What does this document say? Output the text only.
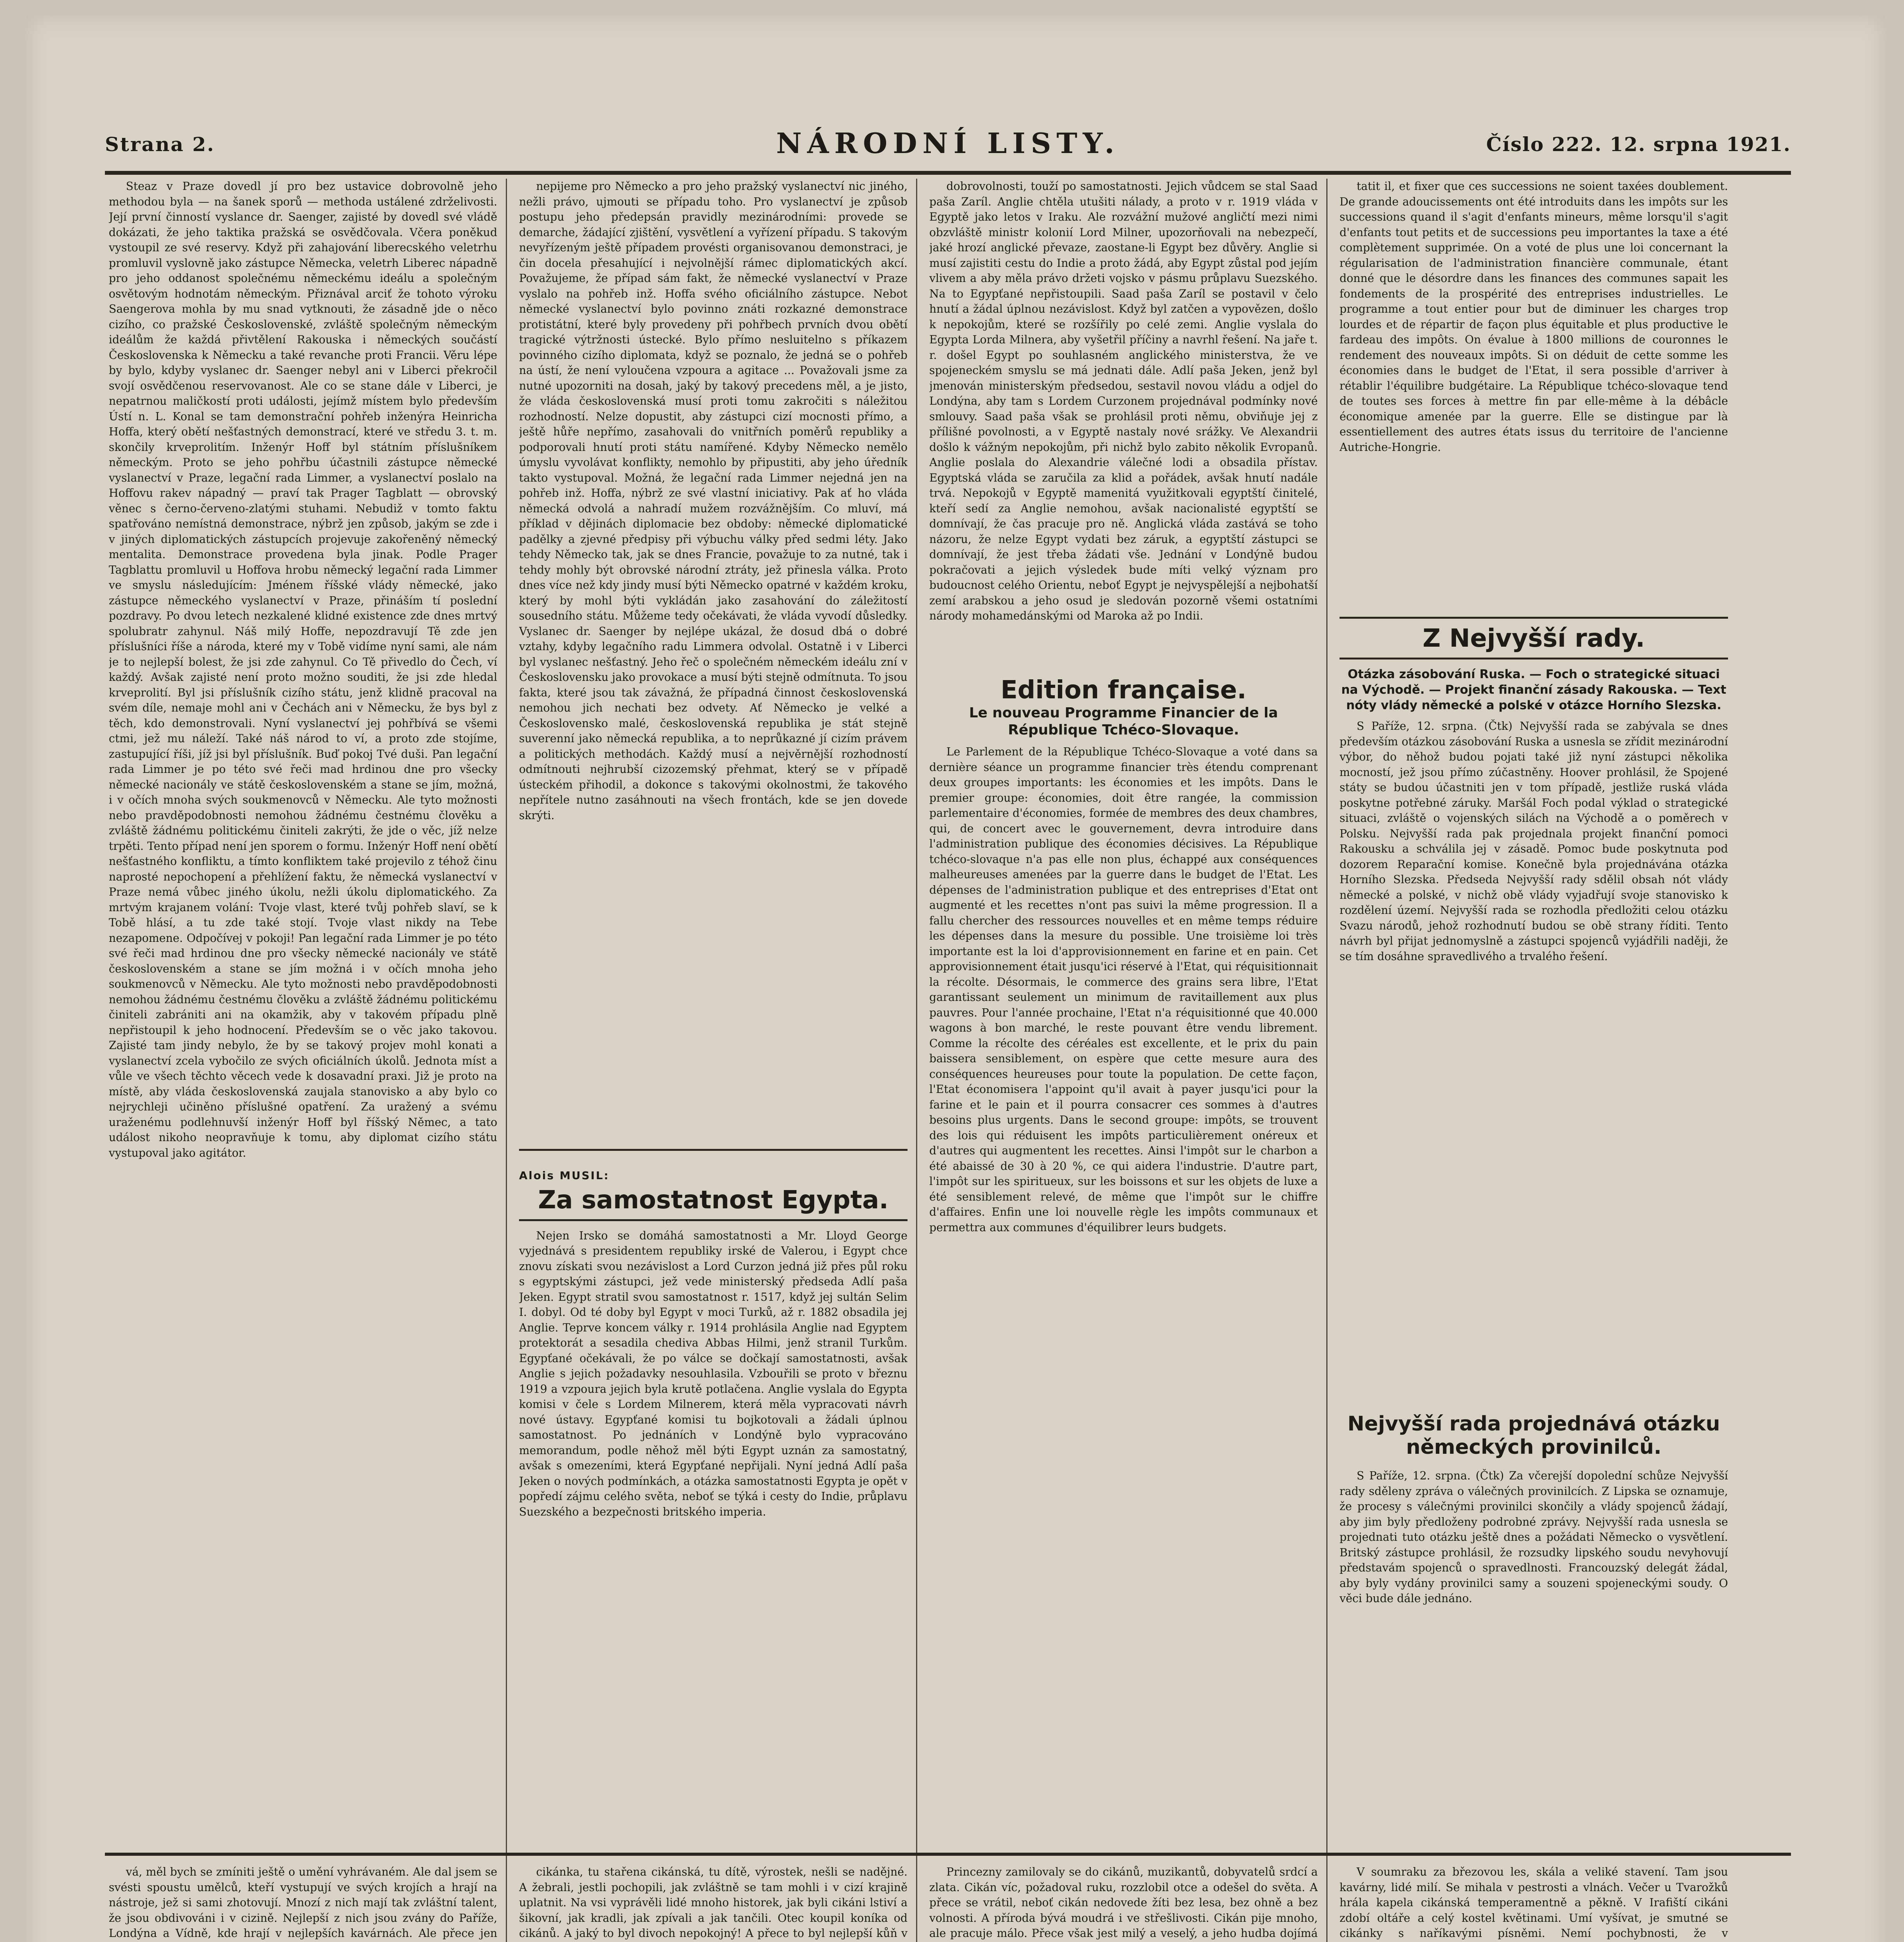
Strana 2.	NÁRODNÍ LISTY.	Číslo 222. 12. srpna 1921.

Steaz v Praze dovedl jí pro bez ustavice dobrovolně jeho methodou byla — na šanek sporů — methoda ustálené zdrželivosti. Její první činností vyslance dr. Saenger, zajisté by dovedl své vládě dokázati, že jeho taktika pražská se osvědčovala. Včera poněkud vystoupil ze své reservy. Když při zahajování liberecského veletrhu promluvil vyslovně jako zástupce Německa, veletrh Liberec nápadně pro jeho oddanost společnému německému ideálu a společným osvětovým hodnotám německým. Přiznával arciť že tohoto výroku Saengerova mohla by mu snad vytknouti, že zásadně jde o něco cizího, co pražské Československé, zvláště společným německým ideálům že každá přivtělení Rakouska i německých součástí Československa k Německu a také revanche proti Francii. Věru lépe by bylo, kdyby vyslanec dr. Saenger nebyl ani v Liberci překročil svojí osvědčenou reservovanost. Ale co se stane dále v Liberci, je nepatrnou maličkostí proti události, jejímž místem bylo především Ústí n. L. Konal se tam demonstrační pohřeb inženýra Heinricha Hoffa, který obětí nešťastných demonstrací, které ve středu 3. t. m. skončily krveprolitím. Inženýr Hoff byl státním příslušníkem německým. Proto se jeho pohřbu účastnili zástupce německé vyslanectví v Praze, legační rada Limmer, a vyslanectví poslalo na Hoffovu rakev nápadný — praví tak Prager Tagblatt — obrovský věnec s černo-červeno-zlatými stuhami. Nebudiž v tomto faktu spatřováno nemístná demonstrace, nýbrž jen způsob, jakým se zde i v jiných diplomatických zástupcích projevuje zakořeněný německý mentalita. Demonstrace provedena byla jinak. Podle Prager Tagblattu promluvil u Hoffova hrobu německý legační rada Limmer ve smyslu následujícím: Jménem říšské vlády německé, jako zástupce německého vyslanectví v Praze, přináším tí poslední pozdravy. Po dvou letech nezkalené klidné existence zde dnes mrtvý spolubratr zahynul. Náš milý Hoffe, nepozdravují Tě zde jen příslušníci říše a národa, které my v Tobě vidíme nyní sami, ale nám je to nejlepší bolest, že jsi zde zahynul. Co Tě přivedlo do Čech, ví každý. Avšak zajisté není proto možno souditi, že jsi zde hledal krveprolití. Byl jsi příslušník cizího státu, jenž klidně pracoval na svém díle, nemaje mohl ani v Čechách ani v Německu, že bys byl z těch, kdo demonstrovali. Nyní vyslanectví jej pohřbívá se všemi ctmi, jež mu náleží. Také náš národ to ví, a proto zde stojíme, zastupující říši, jíž jsi byl příslušník. Buď pokoj Tvé duši. Pan legační rada Limmer je po této své řeči mad hrdinou dne pro všecky německé nacionály ve státě československém a stane se jím, možná, i v očích mnoha svých soukmenovců v Německu. Ale tyto možnosti nebo pravděpodobnosti nemohou žádnému čestnému člověku a zvláště žádnému politickému činiteli zakrýti, že jde o věc, jíž nelze trpěti. Tento případ není jen sporem o formu. Inženýr Hoff není obětí nešťastného konfliktu, a tímto konfliktem také projevilo z téhož činu naprosté nepochopení a přehlížení faktu, že německá vyslanectví v Praze nemá vůbec jiného úkolu, nežli úkolu diplomatického. Za mrtvým krajanem volání: Tvoje vlast, které tvůj pohřeb slaví, se k Tobě hlásí, a tu zde také stojí. Tvoje vlast nikdy na Tebe nezapomene. Odpočívej v pokoji! Pan legační rada Limmer je po této své řeči mad hrdinou dne pro všecky německé nacionály ve státě československém a stane se jím možná i v očích mnoha jeho soukmenovců v Německu. Ale tyto možnosti nebo pravděpodobnosti nemohou žádnému čestnému člověku a zvláště žádnému politickému činiteli zabrániti ani na okamžik, aby v takovém případu plně nepřistoupil k jeho hodnocení. Především se o věc jako takovou. Zajisté tam jindy nebylo, že by se takový projev mohl konati a vyslanectví zcela vybočilo ze svých oficiálních úkolů. Jednota míst a vůle ve všech těchto věcech vede k dosavadní praxi. Již je proto na místě, aby vláda československá zaujala stanovisko a aby bylo co nejrychleji učiněno příslušné opatření. Za uražený a svému uraženému podlehnuvší inženýr Hoff byl říšský Němec, a tato událost nikoho neopravňuje k tomu, aby diplomat cizího státu vystupoval jako agitátor.

nepijeme pro Německo a pro jeho pražský vyslanectví nic jiného, nežli právo, ujmouti se případu toho. Pro vyslanectví je způsob postupu jeho předepsán pravidly mezinárodními: provede se demarche, žádající zjištění, vysvětlení a vyřízení případu. S takovým nevyřízeným ještě případem provésti organisovanou demonstraci, je čin docela přesahující i nejvolnější rámec diplomatických akcí. Považujeme, že případ sám fakt, že německé vyslanectví v Praze vyslalo na pohřeb inž. Hoffa svého oficiálního zástupce. Nebot německé vyslanectví bylo povinno znáti rozkazné demonstrace protistátní, které byly provedeny při pohřbech prvních dvou obětí tragické výtržnosti ústecké. Bylo přímo nesluitelno s příkazem povinného cizího diplomata, když se poznalo, že jedná se o pohřeb na ústí, že není vyloučena vzpoura a agitace ... Považovali jsme za nutné upozorniti na dosah, jaký by takový precedens měl, a je jisto, že vláda československá musí proti tomu zakročiti s náležitou rozhodností. Nelze dopustit, aby zástupci cizí mocnosti přímo, a ještě hůře nepřímo, zasahovali do vnitřních poměrů republiky a podporovali hnutí proti státu namířené. Kdyby Německo nemělo úmyslu vyvolávat konflikty, nemohlo by připustiti, aby jeho úředník takto vystupoval. Možná, že legační rada Limmer nejedná jen na pohřeb inž. Hoffa, nýbrž ze své vlastní iniciativy. Pak ať ho vláda německá odvolá a nahradí mužem rozvážnějším. Co mluví, má příklad v dějinách diplomacie bez obdoby: německé diplomatické padělky a zjevné předpisy při výbuchu války před sedmi léty. Jako tehdy Německo tak, jak se dnes Francie, považuje to za nutné, tak i tehdy mohly být obrovské národní ztráty, jež přinesla válka. Proto dnes více než kdy jindy musí býti Německo opatrné v každém kroku, který by mohl býti vykládán jako zasahování do záležitostí sousedního státu. Můžeme tedy očekávati, že vláda vyvodí důsledky. Vyslanec dr. Saenger by nejlépe ukázal, že dosud dbá o dobré vztahy, kdyby legačního radu Limmera odvolal. Ostatně i v Liberci byl vyslanec nešťastný. Jeho řeč o společném německém ideálu zní v Československu jako provokace a musí býti stejně odmítnuta. To jsou fakta, které jsou tak závažná, že případná činnost československá nemohou jich nechati bez odvety. Ať Německo je velké a Československo malé, československá republika je stát stejně suverenní jako německá republika, a to neprůkazné jí cizím právem a politických methodách. Každý musí a nejvěrnější rozhodností odmítnouti nejhrubší cizozemský přehmat, který se v případě ústeckém přihodil, a dokonce s takovými okolnostmi, že takového nepřítele nutno zasáhnouti na všech frontách, kde se jen dovede skrýti.

Alois MUSIL:
Za samostatnost Egypta.

Nejen Irsko se domáhá samostatnosti a Mr. Lloyd George vyjednává s presidentem republiky irské de Valerou, i Egypt chce znovu získati svou nezávislost a Lord Curzon jedná již přes půl roku s egyptskými zástupci, jež vede ministerský předseda Adlí paša Jeken. Egypt stratil svou samostatnost r. 1517, když jej sultán Selim I. dobyl. Od té doby byl Egypt v moci Turků, až r. 1882 obsadila jej Anglie. Teprve koncem války r. 1914 prohlásila Anglie nad Egyptem protektorát a sesadila chediva Abbas Hilmi, jenž stranil Turkům. Egypťané očekávali, že po válce se dočkají samostatnosti, avšak Anglie s jejich požadavky nesouhlasila. Vzbouřili se proto v březnu 1919 a vzpoura jejich byla krutě potlačena. Anglie vyslala do Egypta komisi v čele s Lordem Milnerem, která měla vypracovati návrh nové ústavy. Egypťané komisi tu bojkotovali a žádali úplnou samostatnost. Po jednáních v Londýně bylo vypracováno memorandum, podle něhož měl býti Egypt uznán za samostatný, avšak s omezeními, která Egypťané nepřijali. Nyní jedná Adlí paša Jeken o nových podmínkách, a otázka samostatnosti Egypta je opět v popředí zájmu celého světa, neboť se týká i cesty do Indie, průplavu Suezského a bezpečnosti britského imperia.

dobrovolnosti, touží po samostatnosti. Jejich vůdcem se stal Saad paša Zaríl. Anglie chtěla utušiti nálady, a proto v r. 1919 vláda v Egyptě jako letos v Iraku. Ale rozvážní mužové angličtí mezi nimi obzvláště ministr kolonií Lord Milner, upozorňovali na nebezpečí, jaké hrozí anglické převaze, zaostane-li Egypt bez důvěry. Anglie si musí zajistiti cestu do Indie a proto žádá, aby Egypt zůstal pod jejím vlivem a aby měla právo držeti vojsko v pásmu průplavu Suezského. Na to Egypťané nepřistoupili. Saad paša Zaríl se postavil v čelo hnutí a žádal úplnou nezávislost. Když byl zatčen a vypovězen, došlo k nepokojům, které se rozšířily po celé zemi. Anglie vyslala do Egypta Lorda Milnera, aby vyšetřil příčiny a navrhl řešení. Na jaře t. r. došel Egypt po souhlasném anglického ministerstva, že ve spojeneckém smyslu se má jednati dále. Adlí paša Jeken, jenž byl jmenován ministerským předsedou, sestavil novou vládu a odjel do Londýna, aby tam s Lordem Curzonem projednával podmínky nové smlouvy. Saad paša však se prohlásil proti němu, obviňuje jej z přílišné povolnosti, a v Egyptě nastaly nové srážky. Ve Alexandrii došlo k vážným nepokojům, při nichž bylo zabito několik Evropanů. Anglie poslala do Alexandrie válečné lodi a obsadila přístav. Egyptská vláda se zaručila za klid a pořádek, avšak hnutí nadále trvá. Nepokojů v Egyptě mamenitá využitkovali egyptští činitelé, kteří sedí za Anglie nemohou, avšak nacionalisté egyptští se domnívají, že čas pracuje pro ně. Anglická vláda zastává se toho názoru, že nelze Egypt vydati bez záruk, a egyptští zástupci se domnívají, že jest třeba žádati vše. Jednání v Londýně budou pokračovati a jejich výsledek bude míti velký význam pro budoucnost celého Orientu, neboť Egypt je nejvyspělejší a nejbohatší zemí arabskou a jeho osud je sledován pozorně všemi ostatními národy mohamedánskými od Maroka až po Indii.

tatit il, et fixer que ces successions ne soient taxées doublement. De grande adoucissements ont été introduits dans les impôts sur les successions quand il s'agit d'enfants mineurs, même lorsqu'il s'agit d'enfants tout petits et de successions peu importantes la taxe a été complètement supprimée. On a voté de plus une loi concernant la régularisation de l'administration financière communale, étant donné que le désordre dans les finances des communes sapait les fondements de la prospérité des entreprises industrielles. Le programme a tout entier pour but de diminuer les charges trop lourdes et de répartir de façon plus équitable et plus productive le fardeau des impôts. On évalue à 1800 millions de couronnes le rendement des nouveaux impôts. Si on déduit de cette somme les économies dans le budget de l'Etat, il sera possible d'arriver à rétablir l'équilibre budgétaire. La République tchéco-slovaque tend de toutes ses forces à mettre fin par elle-même à la débâcle économique amenée par la guerre. Elle se distingue par là essentiellement des autres états issus du territoire de l'ancienne Autriche-Hongrie.

Z Nejvyšší rady.
Otázka zásobování Ruska. — Foch o strategické situaci na Východě. — Projekt finanční zásady Rakouska. — Text nóty vlády německé a polské v otázce Horního Slezska.

S Paříže, 12. srpna. (Čtk) Nejvyšší rada se zabývala se dnes především otázkou zásobování Ruska a usnesla se zřídit mezinárodní výbor, do něhož budou pojati také již nyní zástupci několika mocností, jež jsou přímo zúčastněny. Hoover prohlásil, že Spojené státy se budou účastniti jen v tom případě, jestliže ruská vláda poskytne potřebné záruky. Maršál Foch podal výklad o strategické situaci, zvláště o vojenských silách na Východě a o poměrech v Polsku. Nejvyšší rada pak projednala projekt finanční pomoci Rakousku a schválila jej v zásadě. Pomoc bude poskytnuta pod dozorem Reparační komise. Konečně byla projednávána otázka Horního Slezska. Předseda Nejvyšší rady sdělil obsah nót vlády německé a polské, v nichž obě vlády vyjadřují svoje stanovisko k rozdělení území. Nejvyšší rada se rozhodla předložiti celou otázku Svazu národů, jehož rozhodnutí budou se obě strany říditi. Tento návrh byl přijat jednomyslně a zástupci spojenců vyjádřili naději, že se tím dosáhne spravedlivého a trvalého řešení.

Nejvyšší rada projednává otázku německých provinilců.

S Paříže, 12. srpna. (Čtk) Za včerejší dopolední schůze Nejvyšší rady sděleny zpráva o válečných provinilcích. Z Lipska se oznamuje, že procesy s válečnými provinilci skončily a vlády spojenců žádají, aby jim byly předloženy podrobné zprávy. Nejvyšší rada usnesla se projednati tuto otázku ještě dnes a požádati Německo o vysvětlení. Britský zástupce prohlásil, že rozsudky lipského soudu nevyhovují představám spojenců o spravedlnosti. Francouzský delegát žádal, aby byly vydány provinilci samy a souzeni spojeneckými soudy. O věci bude dále jednáno.

Edition française.
Le nouveau Programme Financier de la République Tchéco-Slovaque.

Le Parlement de la République Tchéco-Slovaque a voté dans sa dernière séance un programme financier très étendu comprenant deux groupes importants: les économies et les impôts. Dans le premier groupe: économies, doit être rangée, la commission parlementaire d'économies, formée de membres des deux chambres, qui, de concert avec le gouvernement, devra introduire dans l'administration publique des économies décisives. La République tchéco-slovaque n'a pas elle non plus, échappé aux conséquences malheureuses amenées par la guerre dans le budget de l'Etat. Les dépenses de l'administration publique et des entreprises d'Etat ont augmenté et les recettes n'ont pas suivi la même progression. Il a fallu chercher des ressources nouvelles et en même temps réduire les dépenses dans la mesure du possible. Une troisième loi très importante est la loi d'approvisionnement en farine et en pain. Cet approvisionnement était jusqu'ici réservé à l'Etat, qui réquisitionnait la récolte. Désormais, le commerce des grains sera libre, l'Etat garantissant seulement un minimum de ravitaillement aux plus pauvres. Pour l'année prochaine, l'Etat n'a réquisitionné que 40.000 wagons à bon marché, le reste pouvant être vendu librement. Comme la récolte des céréales est excellente, et le prix du pain baissera sensiblement, on espère que cette mesure aura des conséquences heureuses pour toute la population. De cette façon, l'Etat économisera l'appoint qu'il avait à payer jusqu'ici pour la farine et le pain et il pourra consacrer ces sommes à d'autres besoins plus urgents. Dans le second groupe: impôts, se trouvent des lois qui réduisent les impôts particulièrement onéreux et d'autres qui augmentent les recettes. Ainsi l'impôt sur le charbon a été abaissé de 30 à 20 %, ce qui aidera l'industrie. D'autre part, l'impôt sur les spiritueux, sur les boissons et sur les objets de luxe a été sensiblement relevé, de même que l'impôt sur le chiffre d'affaires. Enfin une loi nouvelle règle les impôts communaux et permettra aux communes d'équilibrer leurs budgets.

vá, měl bych se zmíniti ještě o umění vyhrávaném. Ale dal jsem se svésti spoustu umělců, kteří vystupují ve svých krojích a hrají na nástroje, jež si sami zhotovují. Mnozí z nich mají tak zvláštní talent, že jsou obdivováni i v cizině. Nejlepší z nich jsou zvány do Paříže, Londýna a Vídně, kde hrají v nejlepších kavárnách. Ale přece jen

cikánka, tu stařena cikánská, tu dítě, výrostek, nešli se nadějné. A žebrali, jestli pochopili, jak zvláštně se tam mohli i v cizí krajině uplatnit. Na vsi vyprávěli lidé mnoho historek, jak byli cikáni lstiví a šikovní, jak kradli, jak zpívali a jak tančili. Otec koupil koníka od cikánů. A jaký to byl divoch nepokojný! A přece to byl nejlepší kůň v

Princezny zamilovaly se do cikánů, muzikantů, dobyvatelů srdcí a zlata. Cikán víc, požadoval ruku, rozzlobil otce a odešel do světa. A přece se vrátil, neboť cikán nedovede žíti bez lesa, bez ohně a bez volnosti. A příroda bývá moudrá i ve střešlivosti. Cikán pije mnoho, ale pracuje málo. Přece však jest milý a veselý, a jeho hudba dojímá

V soumraku za březovou les, skála a veliké stavení. Tam jsou kavárny, lidé milí. Se mihala v pestrosti a vlnách. Večer u Tvarožků hrála kapela cikánská temperamentně a pěkně. V Irafiští cikáni zdobí oltáře a celý kostel květinami. Umí vyšívat, je smutné se cikánky s naříkavými písněmi. Nemí pochybnosti, že v
